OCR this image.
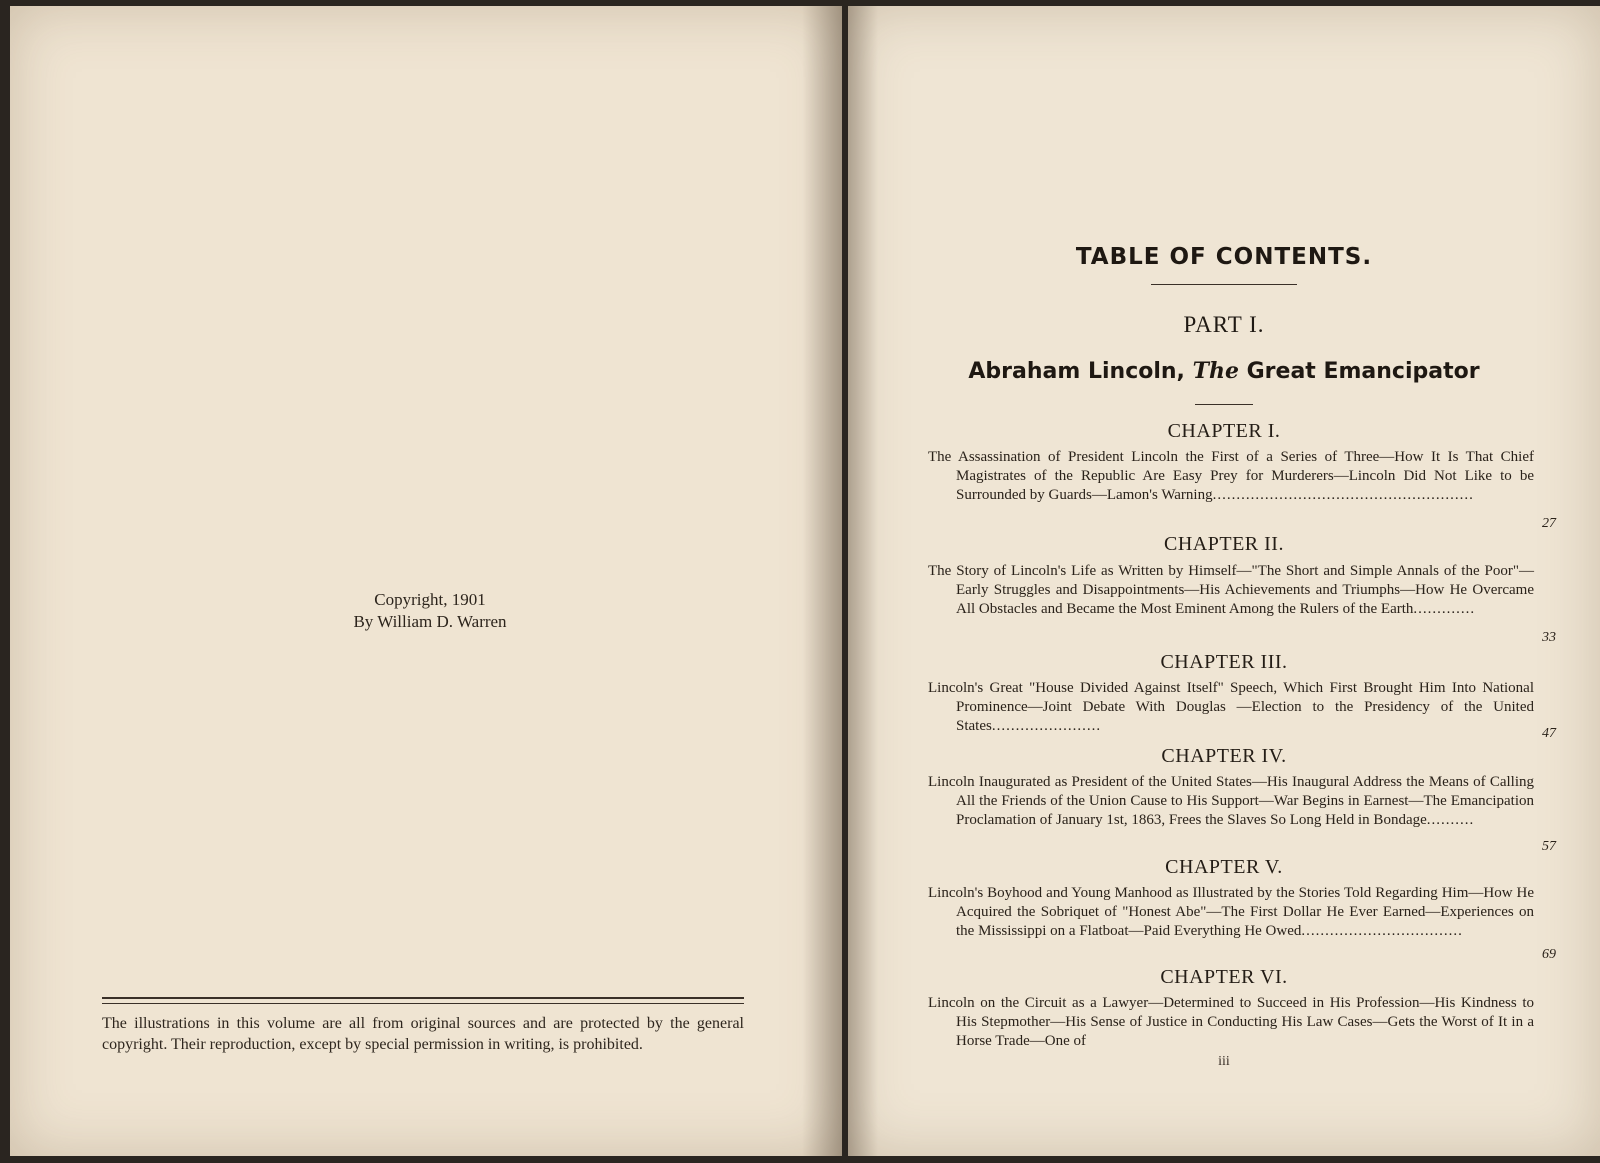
Copyright, 1901
By William D. Warren
The illustrations in this volume are all from original sources and are protected by the general copyright. Their reproduction, except by special permission in writing, is prohibited.
TABLE OF CONTENTS.
PART I.
Abraham Lincoln, The Great Emancipator
CHAPTER I.
The Assassination of President Lincoln the First of a Series of Three—How It Is That Chief Magistrates of the Republic Are Easy Prey for Murderers—Lincoln Did Not Like to be Surrounded by Guards—Lamon's Warning.......................................................
27
CHAPTER II.
The Story of Lincoln's Life as Written by Himself—"The Short and Simple Annals of the Poor"—Early Struggles and Disappointments—His Achievements and Triumphs—How He Overcame All Obstacles and Became the Most Eminent Among the Rulers of the Earth.............
33
CHAPTER III.
Lincoln's Great "House Divided Against Itself" Speech, Which First Brought Him Into National Prominence—Joint Debate With Douglas —Election to the Presidency of the United States.......................	47
CHAPTER IV.
Lincoln Inaugurated as President of the United States—His Inaugural Address the Means of Calling All the Friends of the Union Cause to His Support—War Begins in Earnest—The Emancipation Proclamation of January 1st, 1863, Frees the Slaves So Long Held in Bondage..........
57
CHAPTER V.
Lincoln's Boyhood and Young Manhood as Illustrated by the Stories Told Regarding Him—How He Acquired the Sobriquet of "Honest Abe"—The First Dollar He Ever Earned—Experiences on the Mississippi on a Flatboat—Paid Everything He Owed..................................
69
CHAPTER VI.
Lincoln on the Circuit as a Lawyer—Determined to Succeed in His Profession—His Kindness to His Stepmother—His Sense of Justice in Conducting His Law Cases—Gets the Worst of It in a Horse Trade—One of
iii
